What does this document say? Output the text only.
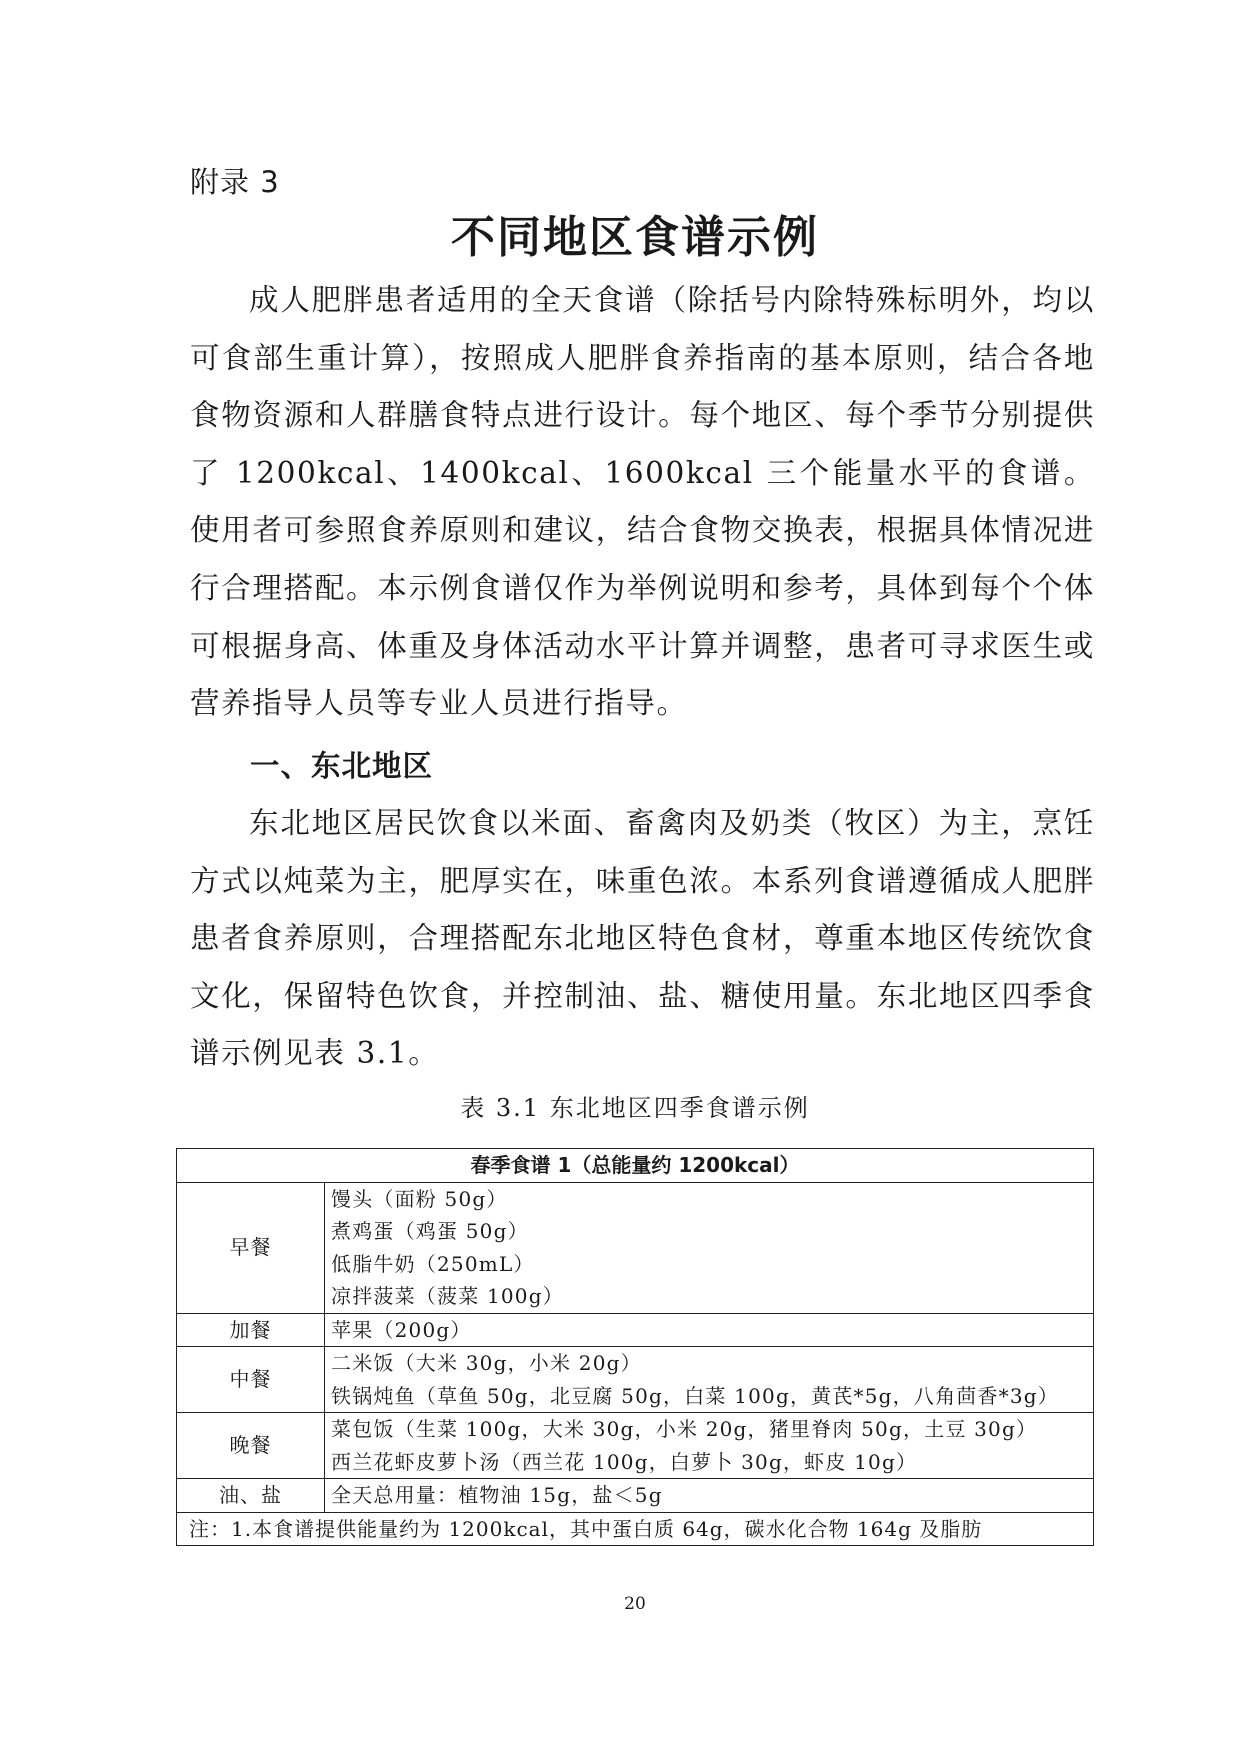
附录 3
不同地区食谱示例

成人肥胖患者适用的全天食谱（除括号内除特殊标明外，均以可食部生重计算），按照成人肥胖食养指南的基本原则，结合各地食物资源和人群膳食特点进行设计。每个地区、每个季节分别提供了 1200kcal、1400kcal、1600kcal 三个能量水平的食谱。使用者可参照食养原则和建议，结合食物交换表，根据具体情况进行合理搭配。本示例食谱仅作为举例说明和参考，具体到每个个体可根据身高、体重及身体活动水平计算并调整，患者可寻求医生或营养指导人员等专业人员进行指导。

一、东北地区

东北地区居民饮食以米面、畜禽肉及奶类（牧区）为主，烹饪方式以炖菜为主，肥厚实在，味重色浓。本系列食谱遵循成人肥胖患者食养原则，合理搭配东北地区特色食材，尊重本地区传统饮食文化，保留特色饮食，并控制油、盐、糖使用量。东北地区四季食谱示例见表 3.1。

表 3.1 东北地区四季食谱示例
春季食谱 1（总能量约 1200kcal）	
早餐	馒头（面粉 50g）
煮鸡蛋（鸡蛋 50g）
低脂牛奶（250mL）
凉拌菠菜（菠菜 100g）

加餐	苹果（200g）

中餐	二米饭（大米 30g，小米 20g）
铁锅炖鱼（草鱼 50g，北豆腐 50g，白菜 100g，黄芪*5g，八角茴香*3g）

晚餐	菜包饭（生菜 100g，大米 30g，小米 20g，猪里脊肉 50g，土豆 30g）
西兰花虾皮萝卜汤（西兰花 100g，白萝卜 30g，虾皮 10g）

油、盐	全天总用量：植物油 15g，盐＜5g

注：1.本食谱提供能量约为 1200kcal，其中蛋白质 64g，碳水化合物 164g 及脂肪	
20
